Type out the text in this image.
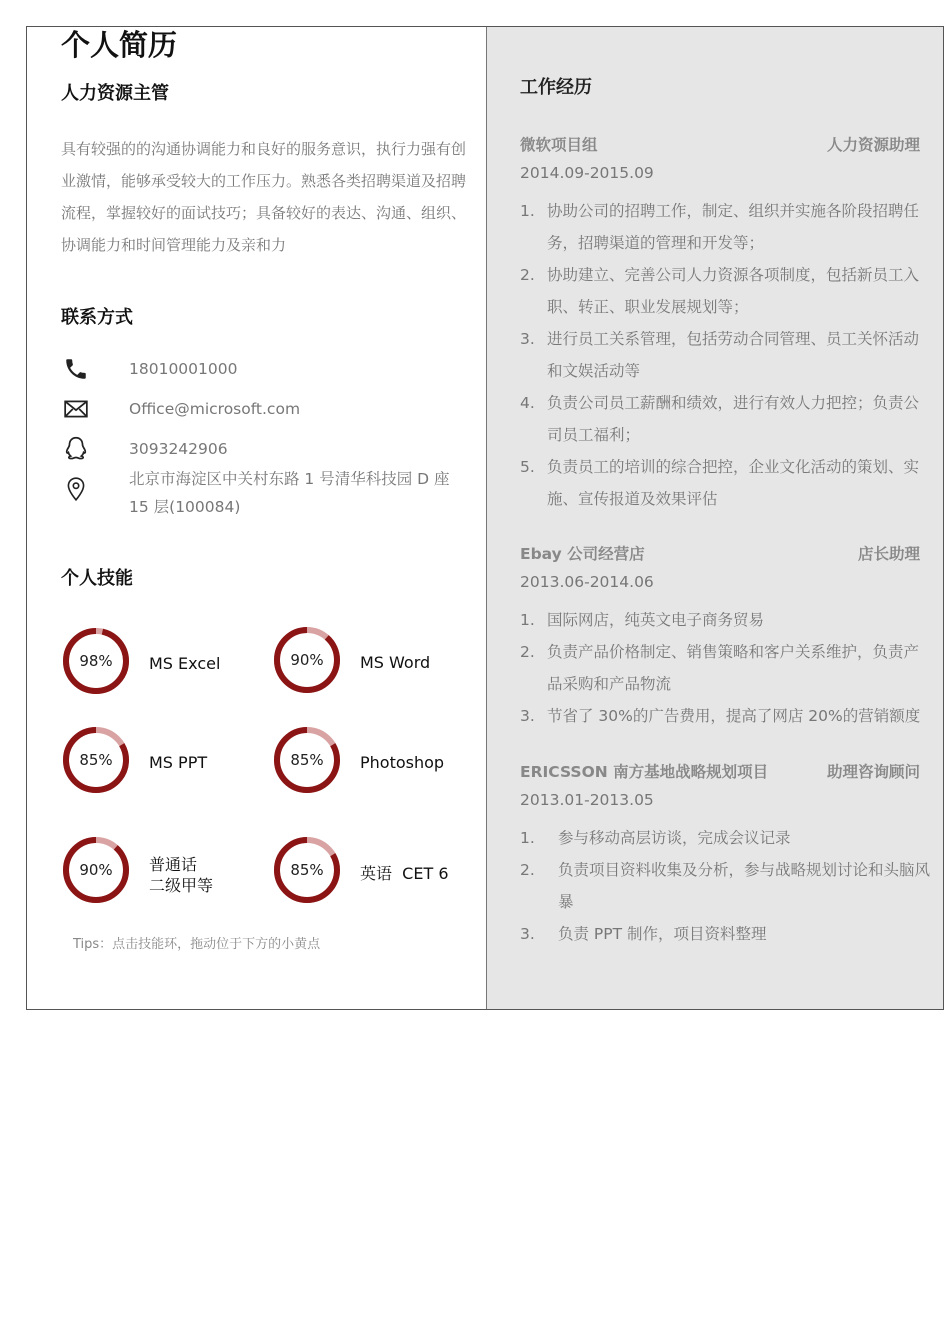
个人简历
人力资源主管
具有较强的的沟通协调能力和良好的服务意识，执行力强有创业激情，能够承受较大的工作压力。熟悉各类招聘渠道及招聘流程，掌握较好的面试技巧；具备较好的表达、沟通、组织、协调能力和时间管理能力及亲和力
联系方式
18010001000
Office@microsoft.com
3093242906
北京市海淀区中关村东路 1 号清华科技园 D 座 15 层(100084)
个人技能
98%	MS Excel	90%	MS Word
85%	MS PPT	85%	Photoshop
90%	普通话
二级甲等
85%	英语  CET 6
Tips：点击技能环，拖动位于下方的小黄点
工作经历
微软项目组	人力资源助理
2014.09-2015.09
1. 协助公司的招聘工作，制定、组织并实施各阶段招聘任务，招聘渠道的管理和开发等；
2. 协助建立、完善公司人力资源各项制度，包括新员工入职、转正、职业发展规划等；
3. 进行员工关系管理，包括劳动合同管理、员工关怀活动和文娱活动等
4. 负责公司员工薪酬和绩效，进行有效人力把控；负责公司员工福利；
5. 负责员工的培训的综合把控，企业文化活动的策划、实施、宣传报道及效果评估
Ebay 公司经营店	店长助理
2013.06-2014.06
1. 国际网店，纯英文电子商务贸易
2. 负责产品价格制定、销售策略和客户关系维护，负责产品采购和产品物流
3. 节省了 30%的广告费用，提高了网店 20%的营销额度
ERICSSON 南方基地战略规划项目	助理咨询顾问
2013.01-2013.05
1. 参与移动高层访谈，完成会议记录
2. 负责项目资料收集及分析，参与战略规划讨论和头脑风暴
3. 负责 PPT 制作，项目资料整理
